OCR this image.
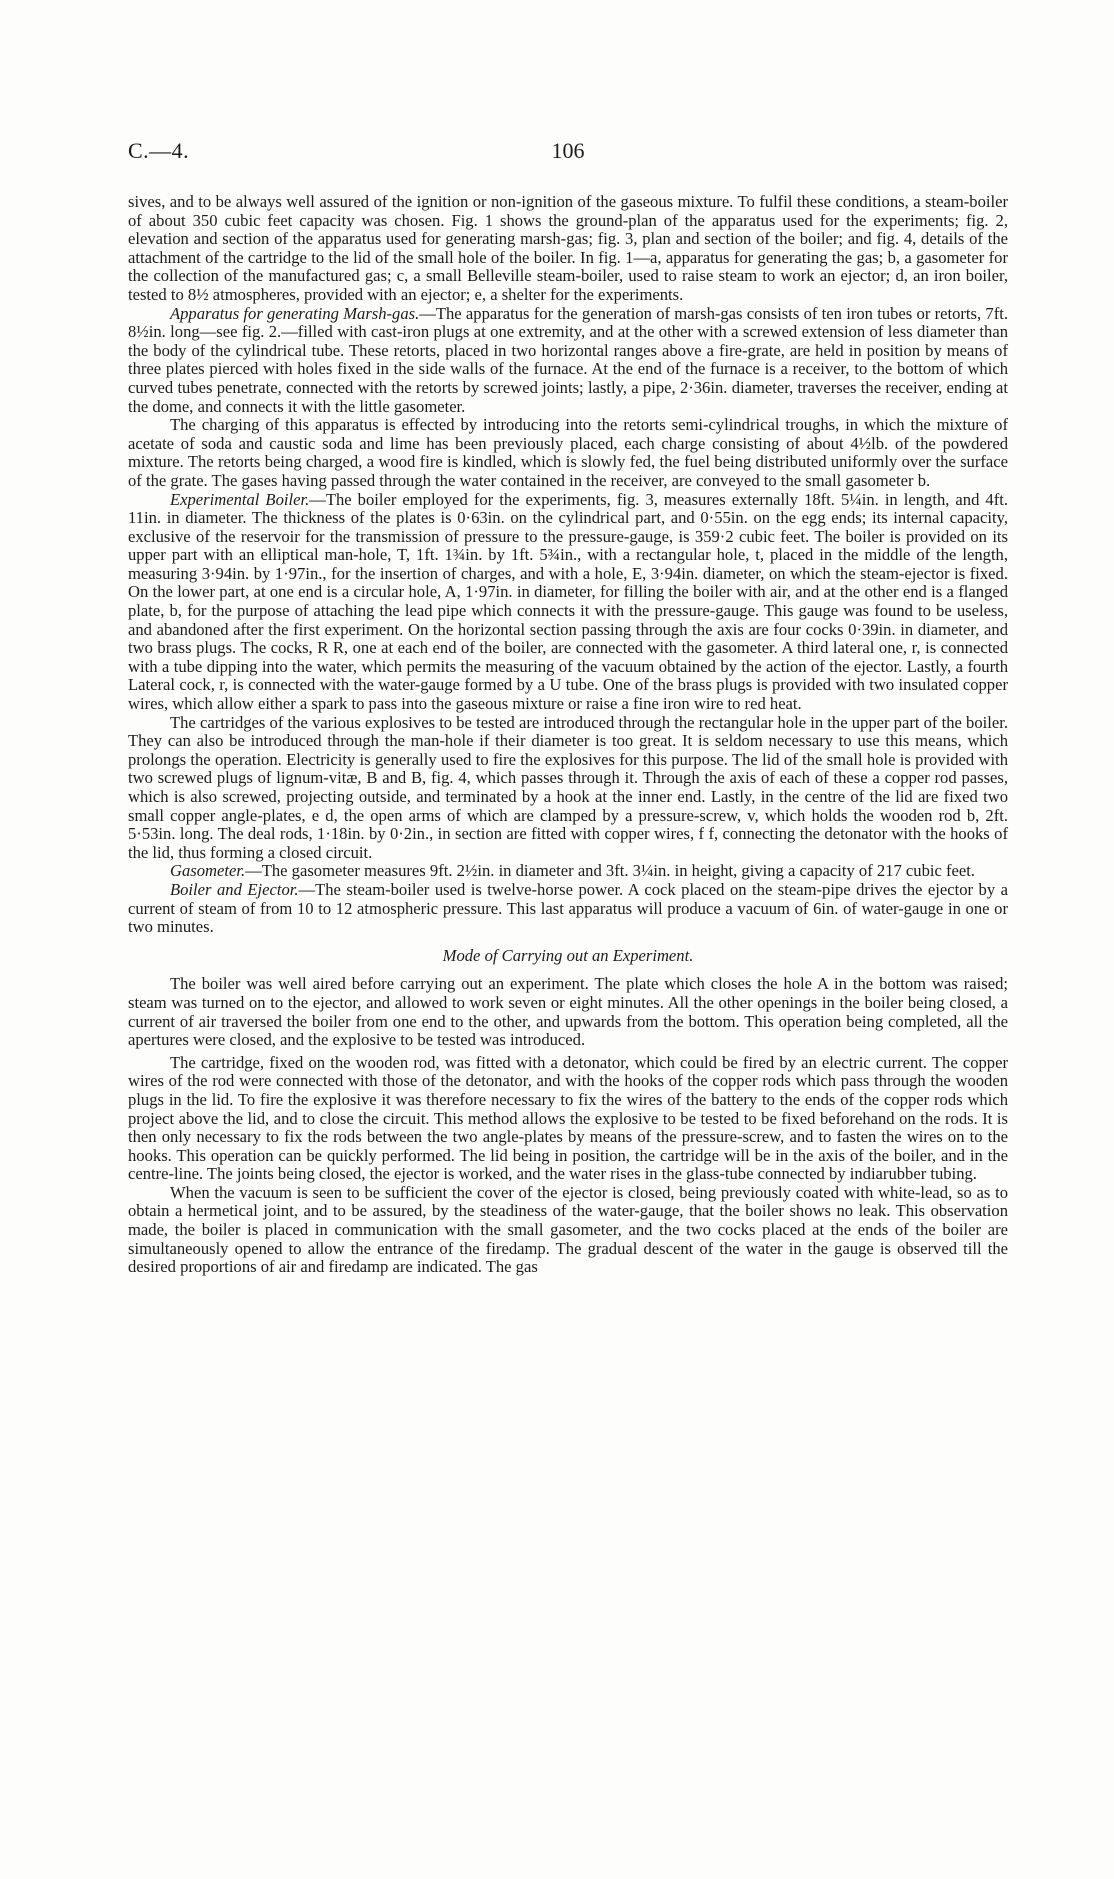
C.—4.	106

sives, and to be always well assured of the ignition or non-ignition of the gaseous mixture. To fulfil these conditions, a steam-boiler of about 350 cubic feet capacity was chosen. Fig. 1 shows the ground-plan of the apparatus used for the experiments; fig. 2, elevation and section of the apparatus used for generating marsh-gas; fig. 3, plan and section of the boiler; and fig. 4, details of the attachment of the cartridge to the lid of the small hole of the boiler. In fig. 1—a, apparatus for generating the gas; b, a gasometer for the collection of the manufactured gas; c, a small Belleville steam-boiler, used to raise steam to work an ejector; d, an iron boiler, tested to 8½ atmospheres, provided with an ejector; e, a shelter for the experiments.

Apparatus for generating Marsh-gas.—The apparatus for the generation of marsh-gas consists of ten iron tubes or retorts, 7ft. 8½in. long—see fig. 2.—filled with cast-iron plugs at one extremity, and at the other with a screwed extension of less diameter than the body of the cylindrical tube. These retorts, placed in two horizontal ranges above a fire-grate, are held in position by means of three plates pierced with holes fixed in the side walls of the furnace. At the end of the furnace is a receiver, to the bottom of which curved tubes penetrate, connected with the retorts by screwed joints; lastly, a pipe, 2·36in. diameter, traverses the receiver, ending at the dome, and connects it with the little gasometer.

The charging of this apparatus is effected by introducing into the retorts semi-cylindrical troughs, in which the mixture of acetate of soda and caustic soda and lime has been previously placed, each charge consisting of about 4½lb. of the powdered mixture. The retorts being charged, a wood fire is kindled, which is slowly fed, the fuel being distributed uniformly over the surface of the grate. The gases having passed through the water contained in the receiver, are conveyed to the small gasometer b.

Experimental Boiler.—The boiler employed for the experiments, fig. 3, measures externally 18ft. 5¼in. in length, and 4ft. 11in. in diameter. The thickness of the plates is 0·63in. on the cylindrical part, and 0·55in. on the egg ends; its internal capacity, exclusive of the reservoir for the transmission of pressure to the pressure-gauge, is 359·2 cubic feet. The boiler is provided on its upper part with an elliptical man-hole, T, 1ft. 1¾in. by 1ft. 5¾in., with a rectangular hole, t, placed in the middle of the length, measuring 3·94in. by 1·97in., for the insertion of charges, and with a hole, E, 3·94in. diameter, on which the steam-ejector is fixed. On the lower part, at one end is a circular hole, A, 1·97in. in diameter, for filling the boiler with air, and at the other end is a flanged plate, b, for the purpose of attaching the lead pipe which connects it with the pressure-gauge. This gauge was found to be useless, and abandoned after the first experiment. On the horizontal section passing through the axis are four cocks 0·39in. in diameter, and two brass plugs. The cocks, R R, one at each end of the boiler, are connected with the gasometer. A third lateral one, r, is connected with a tube dipping into the water, which permits the measuring of the vacuum obtained by the action of the ejector. Lastly, a fourth Lateral cock, r, is connected with the water-gauge formed by a U tube. One of the brass plugs is provided with two insulated copper wires, which allow either a spark to pass into the gaseous mixture or raise a fine iron wire to red heat.

The cartridges of the various explosives to be tested are introduced through the rectangular hole in the upper part of the boiler. They can also be introduced through the man-hole if their diameter is too great. It is seldom necessary to use this means, which prolongs the operation. Electricity is generally used to fire the explosives for this purpose. The lid of the small hole is provided with two screwed plugs of lignum-vitæ, B and B, fig. 4, which passes through it. Through the axis of each of these a copper rod passes, which is also screwed, projecting outside, and terminated by a hook at the inner end. Lastly, in the centre of the lid are fixed two small copper angle-plates, e d, the open arms of which are clamped by a pressure-screw, v, which holds the wooden rod b, 2ft. 5·53in. long. The deal rods, 1·18in. by 0·2in., in section are fitted with copper wires, f f, connecting the detonator with the hooks of the lid, thus forming a closed circuit.

Gasometer.—The gasometer measures 9ft. 2½in. in diameter and 3ft. 3¼in. in height, giving a capacity of 217 cubic feet.

Boiler and Ejector.—The steam-boiler used is twelve-horse power. A cock placed on the steam-pipe drives the ejector by a current of steam of from 10 to 12 atmospheric pressure. This last apparatus will produce a vacuum of 6in. of water-gauge in one or two minutes.

Mode of Carrying out an Experiment.

The boiler was well aired before carrying out an experiment. The plate which closes the hole A in the bottom was raised; steam was turned on to the ejector, and allowed to work seven or eight minutes. All the other openings in the boiler being closed, a current of air traversed the boiler from one end to the other, and upwards from the bottom. This operation being completed, all the apertures were closed, and the explosive to be tested was introduced.

The cartridge, fixed on the wooden rod, was fitted with a detonator, which could be fired by an electric current. The copper wires of the rod were connected with those of the detonator, and with the hooks of the copper rods which pass through the wooden plugs in the lid. To fire the explosive it was therefore necessary to fix the wires of the battery to the ends of the copper rods which project above the lid, and to close the circuit. This method allows the explosive to be tested to be fixed beforehand on the rods. It is then only necessary to fix the rods between the two angle-plates by means of the pressure-screw, and to fasten the wires on to the hooks. This operation can be quickly performed. The lid being in position, the cartridge will be in the axis of the boiler, and in the centre-line. The joints being closed, the ejector is worked, and the water rises in the glass-tube connected by indiarubber tubing.

When the vacuum is seen to be sufficient the cover of the ejector is closed, being previously coated with white-lead, so as to obtain a hermetical joint, and to be assured, by the steadiness of the water-gauge, that the boiler shows no leak. This observation made, the boiler is placed in communication with the small gasometer, and the two cocks placed at the ends of the boiler are simultaneously opened to allow the entrance of the firedamp. The gradual descent of the water in the gauge is observed till the desired proportions of air and firedamp are indicated. The gas
